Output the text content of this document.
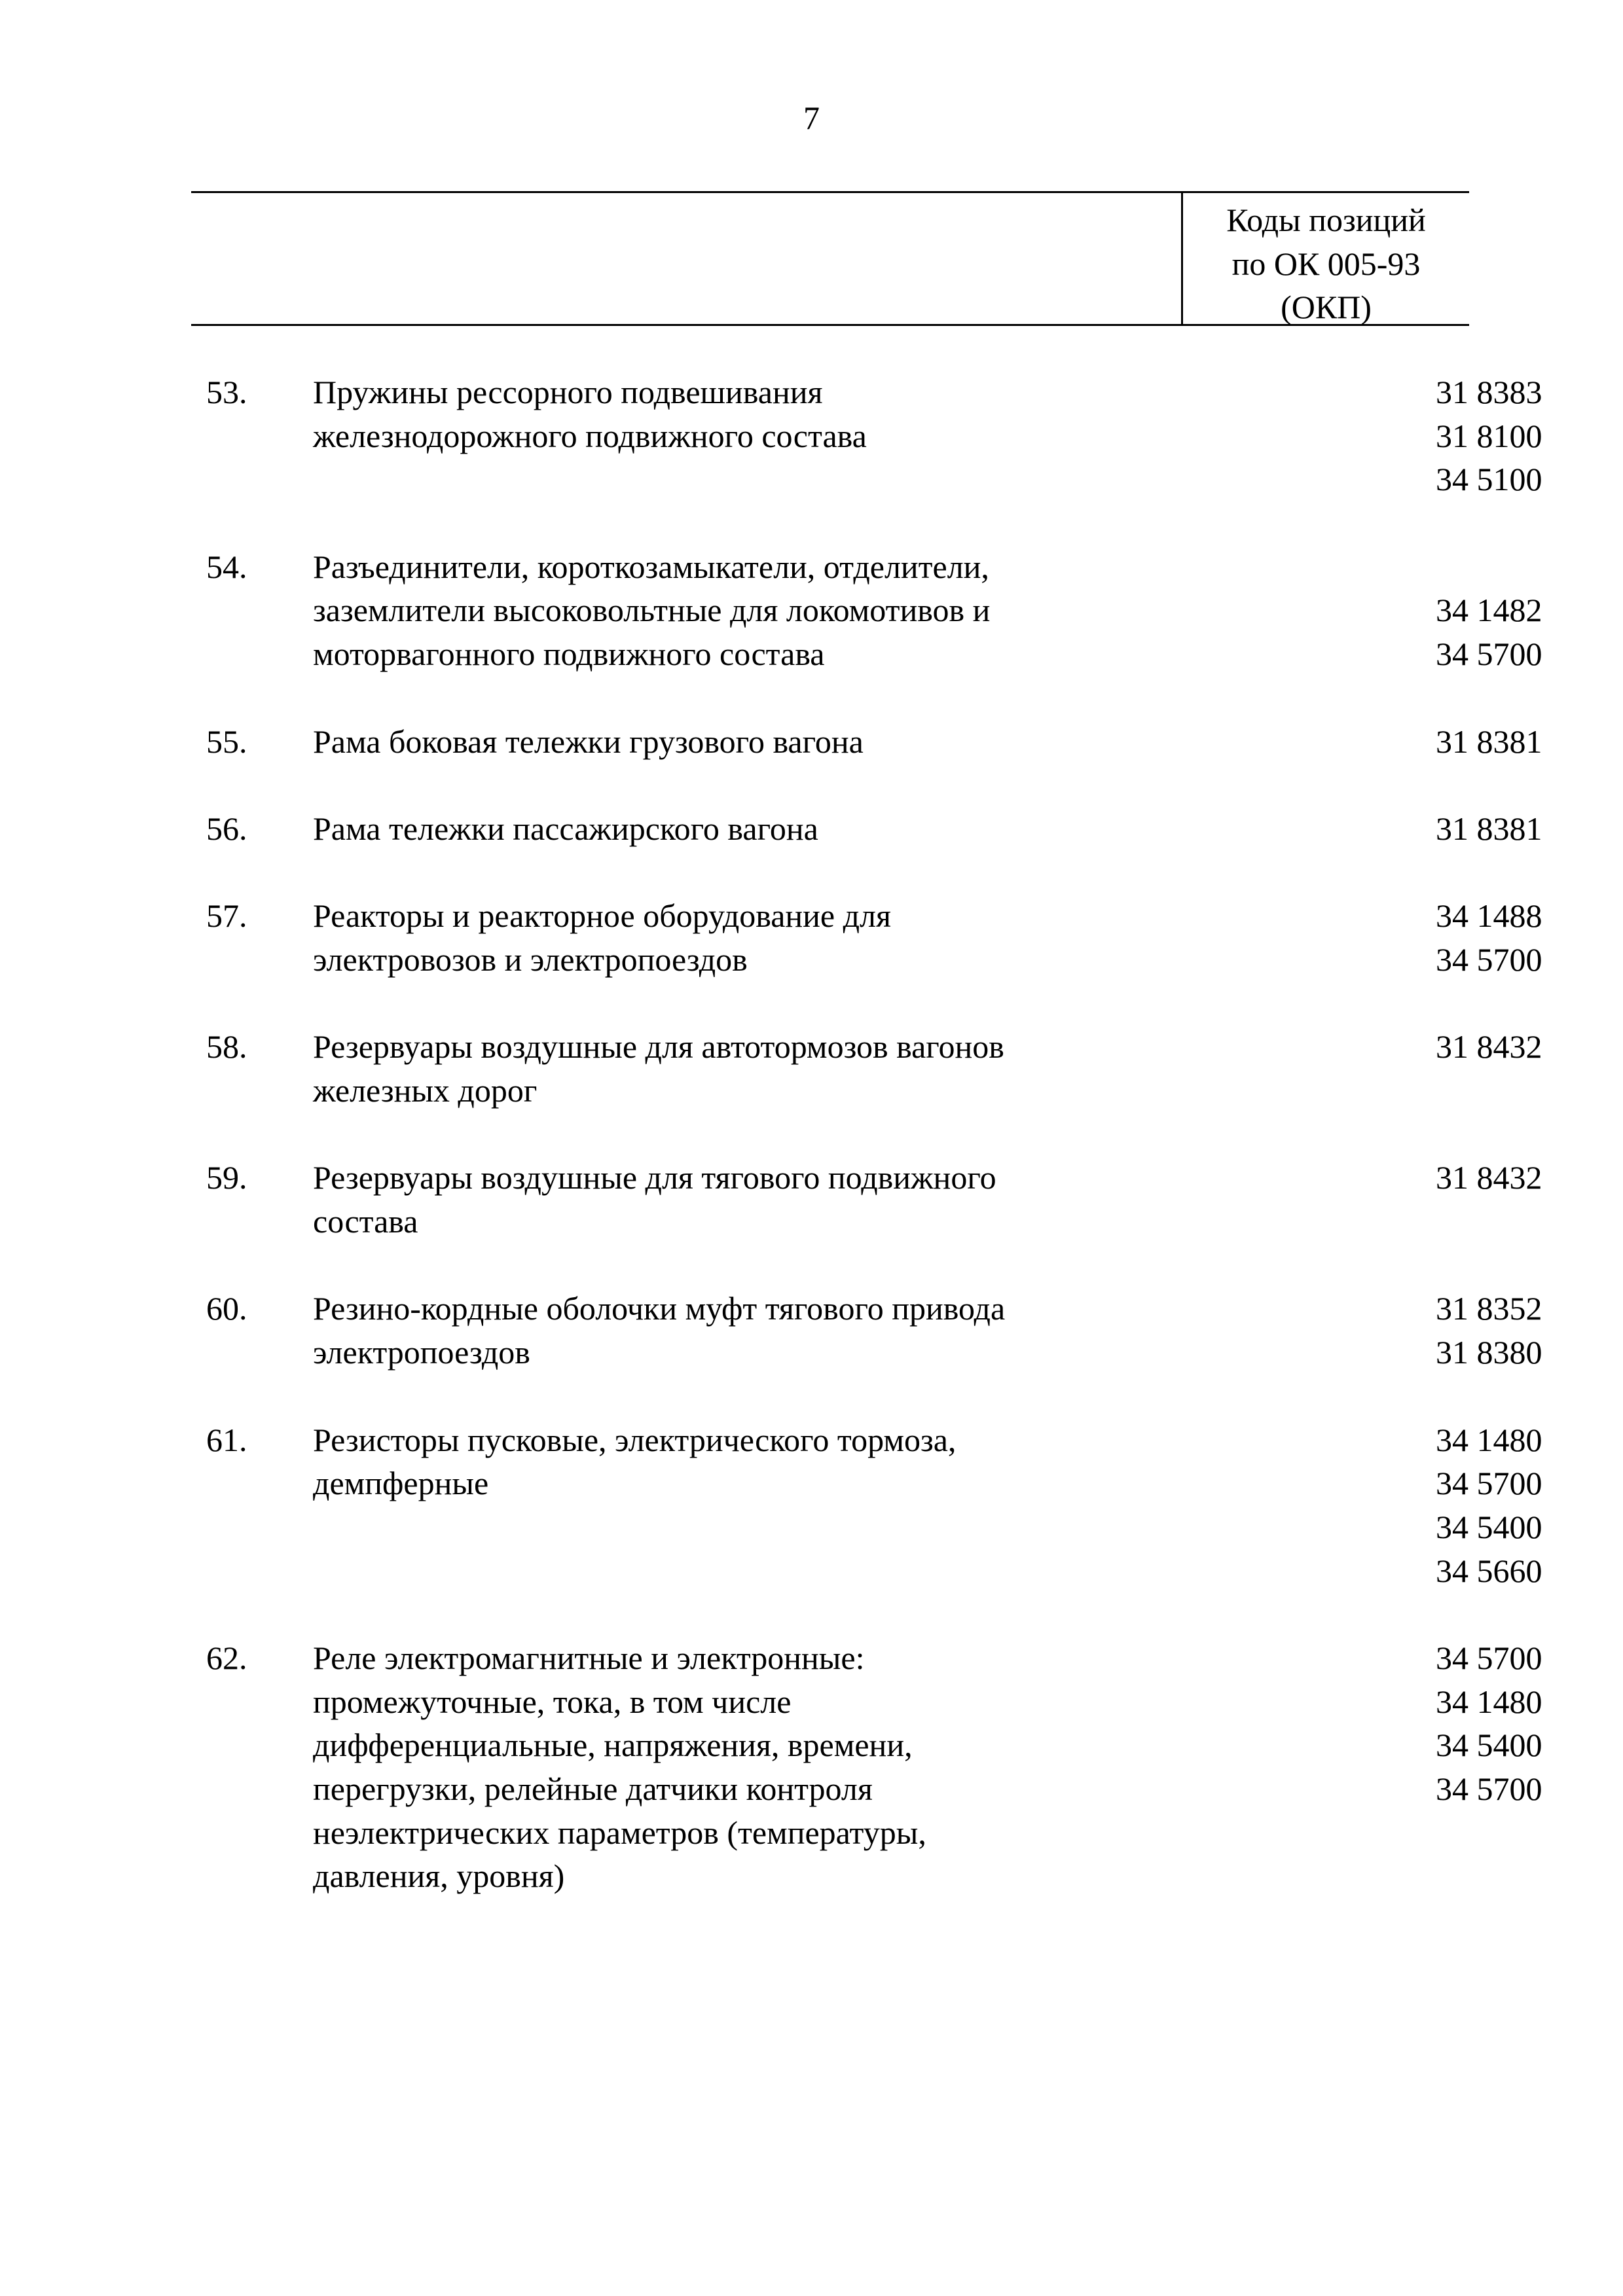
7
Коды позиций
по ОК 005-93
(ОКП)
53.	Пружины рессорного подвешивания
железнодорожного подвижного состава
31 8383
31 8100
34 5100
54.	Разъединители, короткозамыкатели, отделители,
заземлители высоковольтные для локомотивов и
моторвагонного подвижного состава
34 1482
34 5700
55.	Рама боковая тележки грузового вагона	31 8381
56.	Рама тележки пассажирского вагона	31 8381
57.	Реакторы и реакторное оборудование для
электровозов и электропоездов
34 1488
34 5700
58.	Резервуары воздушные для автотормозов вагонов
железных дорог
31 8432
59.	Резервуары воздушные для тягового подвижного
состава
31 8432
60.	Резино-кордные оболочки муфт тягового привода
электропоездов
31 8352
31 8380
61.	Резисторы пусковые, электрического тормоза,
демпферные
34 1480
34 5700
34 5400
34 5660
62.	Реле электромагнитные и электронные:
промежуточные, тока, в том числе
дифференциальные, напряжения, времени,
перегрузки, релейные датчики контроля
неэлектрических параметров (температуры,
давления, уровня)
34 5700
34 1480
34 5400
34 5700
